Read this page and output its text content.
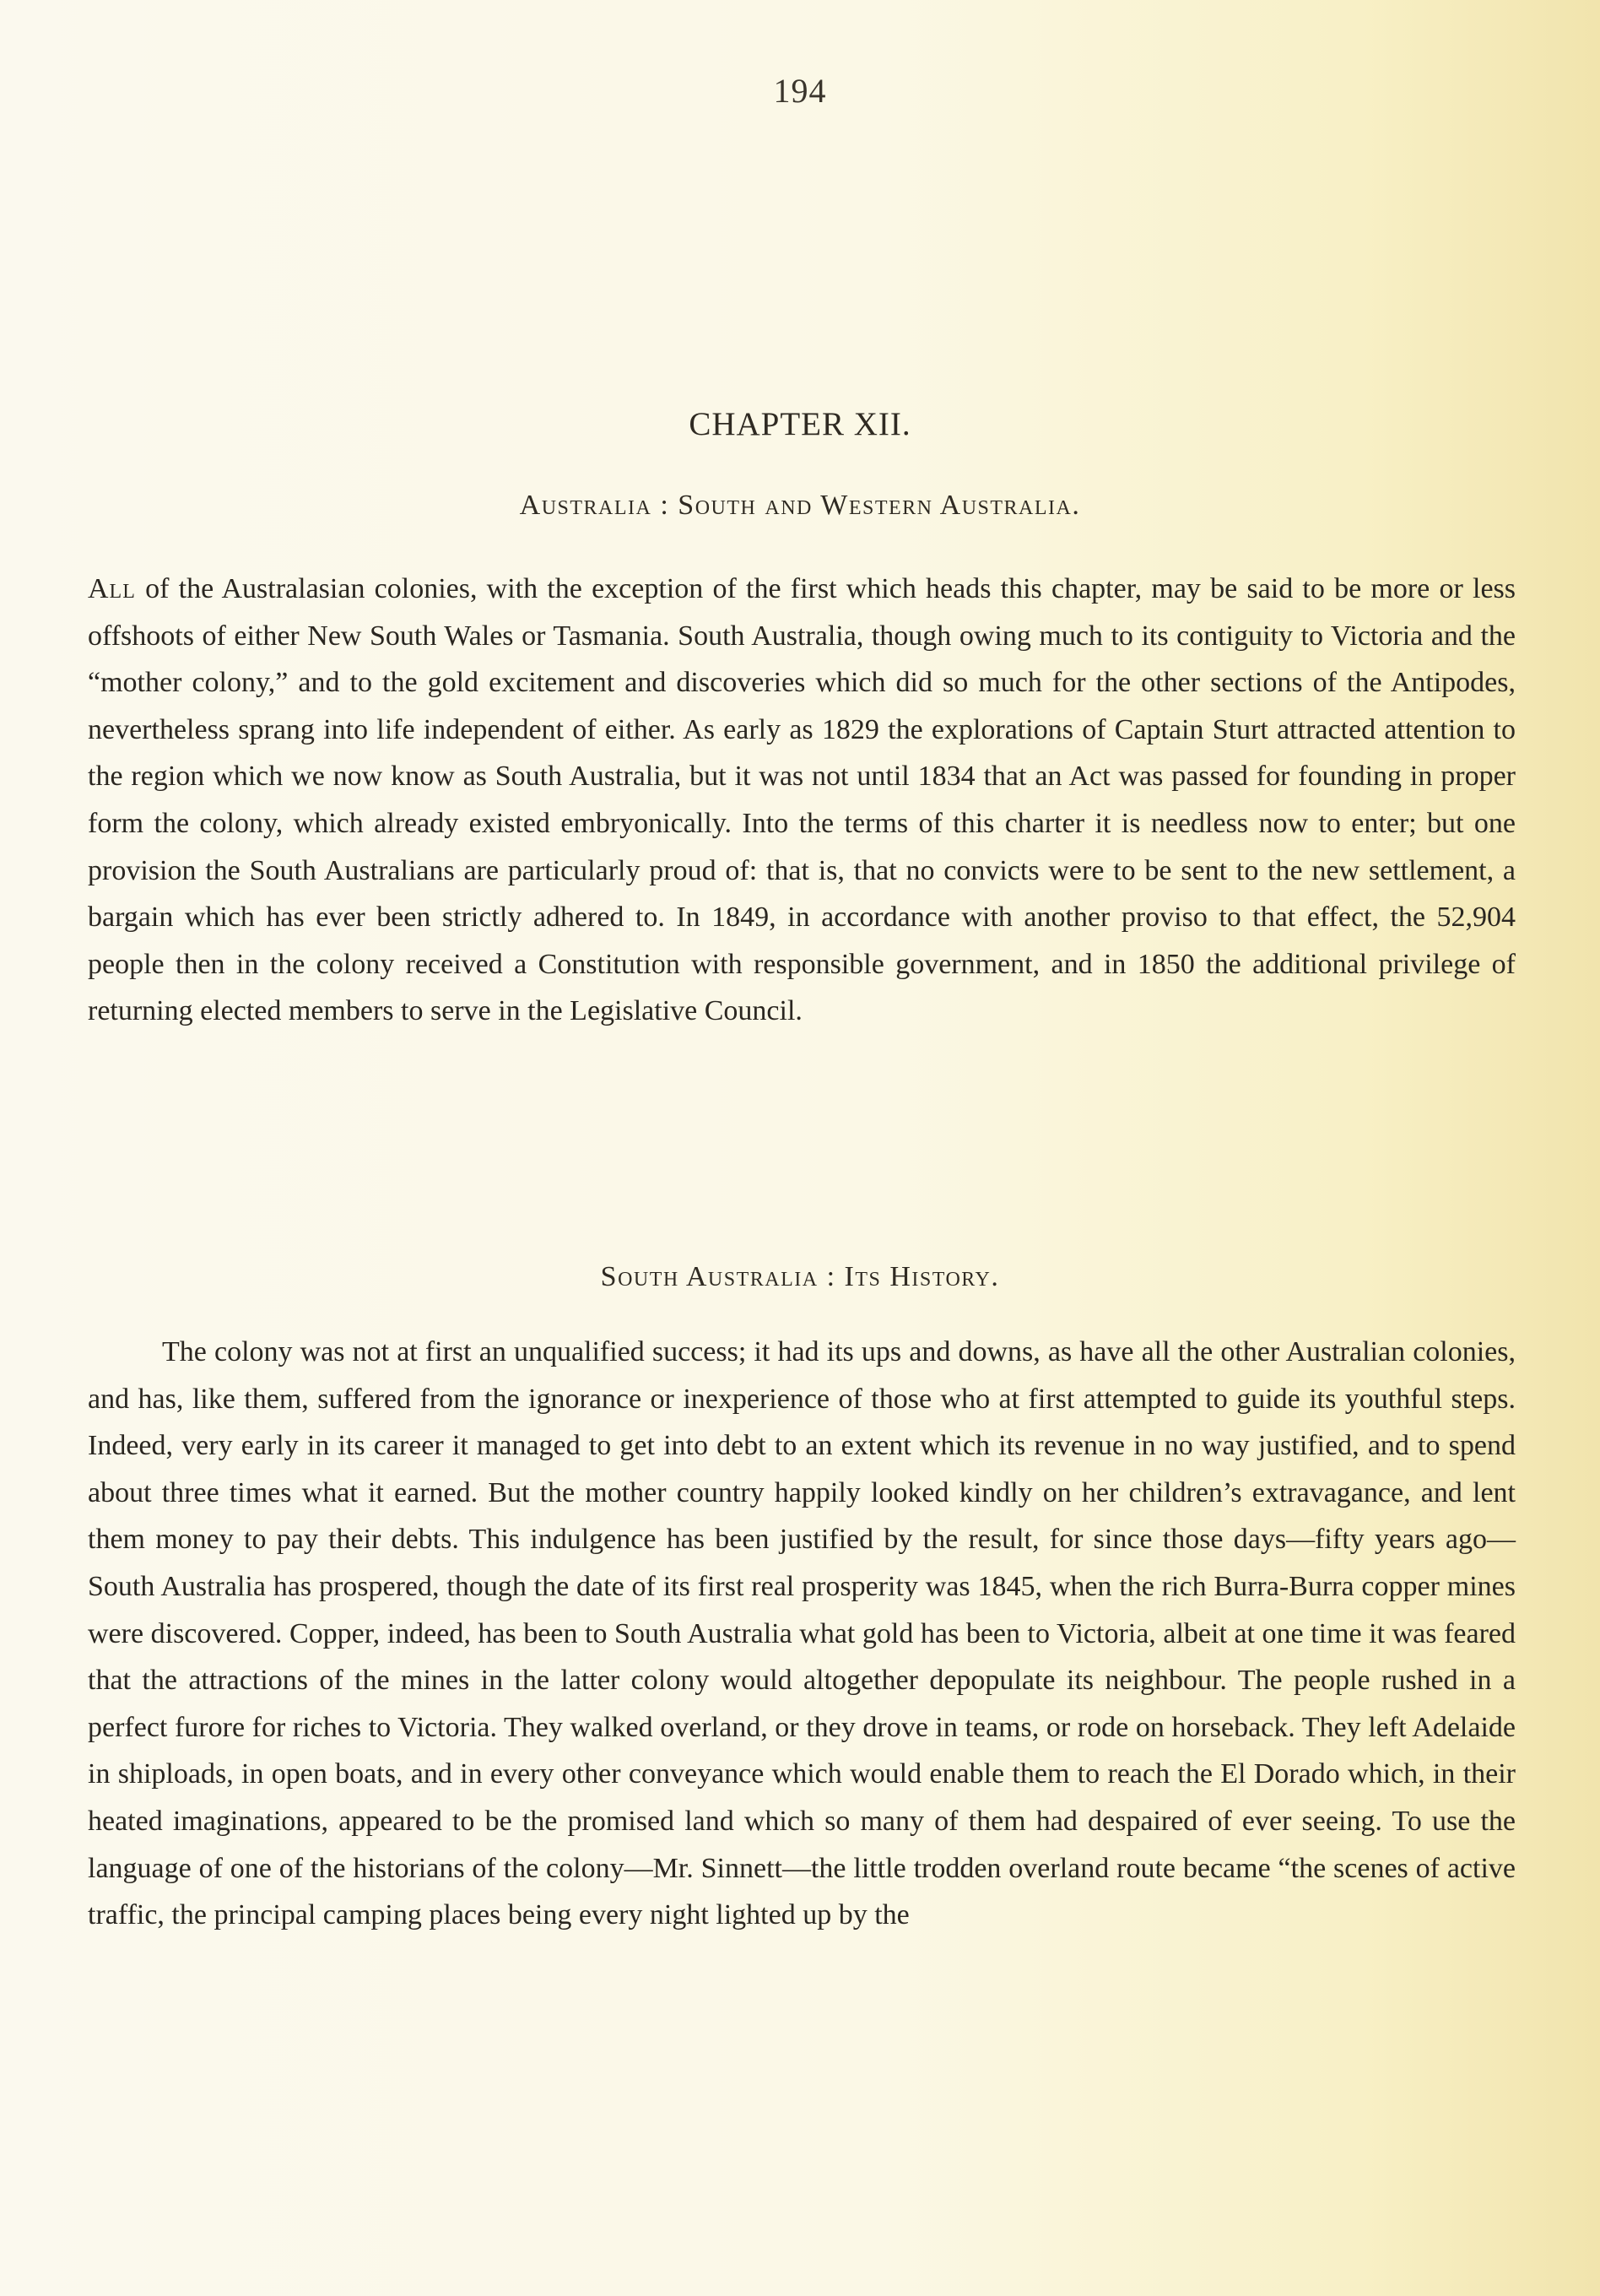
194
CHAPTER XII.
Australia : South and Western Australia.

All of the Australasian colonies, with the exception of the first which heads this chapter, may be said to be more or less offshoots of either New South Wales or Tasmania. South Australia, though owing much to its contiguity to Victoria and the “mother colony,” and to the gold excitement and discoveries which did so much for the other sections of the Antipodes, nevertheless sprang into life independent of either. As early as 1829 the explorations of Captain Sturt attracted attention to the region which we now know as South Australia, but it was not until 1834 that an Act was passed for founding in proper form the colony, which already existed embryonically. Into the terms of this charter it is needless now to enter; but one provision the South Australians are particularly proud of: that is, that no convicts were to be sent to the new settlement, a bargain which has ever been strictly adhered to. In 1849, in accordance with another proviso to that effect, the 52,904 people then in the colony received a Constitution with responsible government, and in 1850 the additional privilege of returning elected members to serve in the Legislative Council.

South Australia : Its History.

The colony was not at first an unqualified success; it had its ups and downs, as have all the other Australian colonies, and has, like them, suffered from the ignorance or inexperience of those who at first attempted to guide its youthful steps. Indeed, very early in its career it managed to get into debt to an extent which its revenue in no way justified, and to spend about three times what it earned. But the mother country happily looked kindly on her children’s extravagance, and lent them money to pay their debts. This indulgence has been justified by the result, for since those days—fifty years ago—South Australia has prospered, though the date of its first real prosperity was 1845, when the rich Burra-Burra copper mines were discovered. Copper, indeed, has been to South Australia what gold has been to Victoria, albeit at one time it was feared that the attractions of the mines in the latter colony would altogether depopulate its neighbour. The people rushed in a perfect furore for riches to Victoria. They walked overland, or they drove in teams, or rode on horseback. They left Adelaide in shiploads, in open boats, and in every other conveyance which would enable them to reach the El Dorado which, in their heated imaginations, appeared to be the promised land which so many of them had despaired of ever seeing. To use the language of one of the historians of the colony—Mr. Sinnett—the little trodden overland route became “the scenes of active traffic, the principal camping places being every night lighted up by the
